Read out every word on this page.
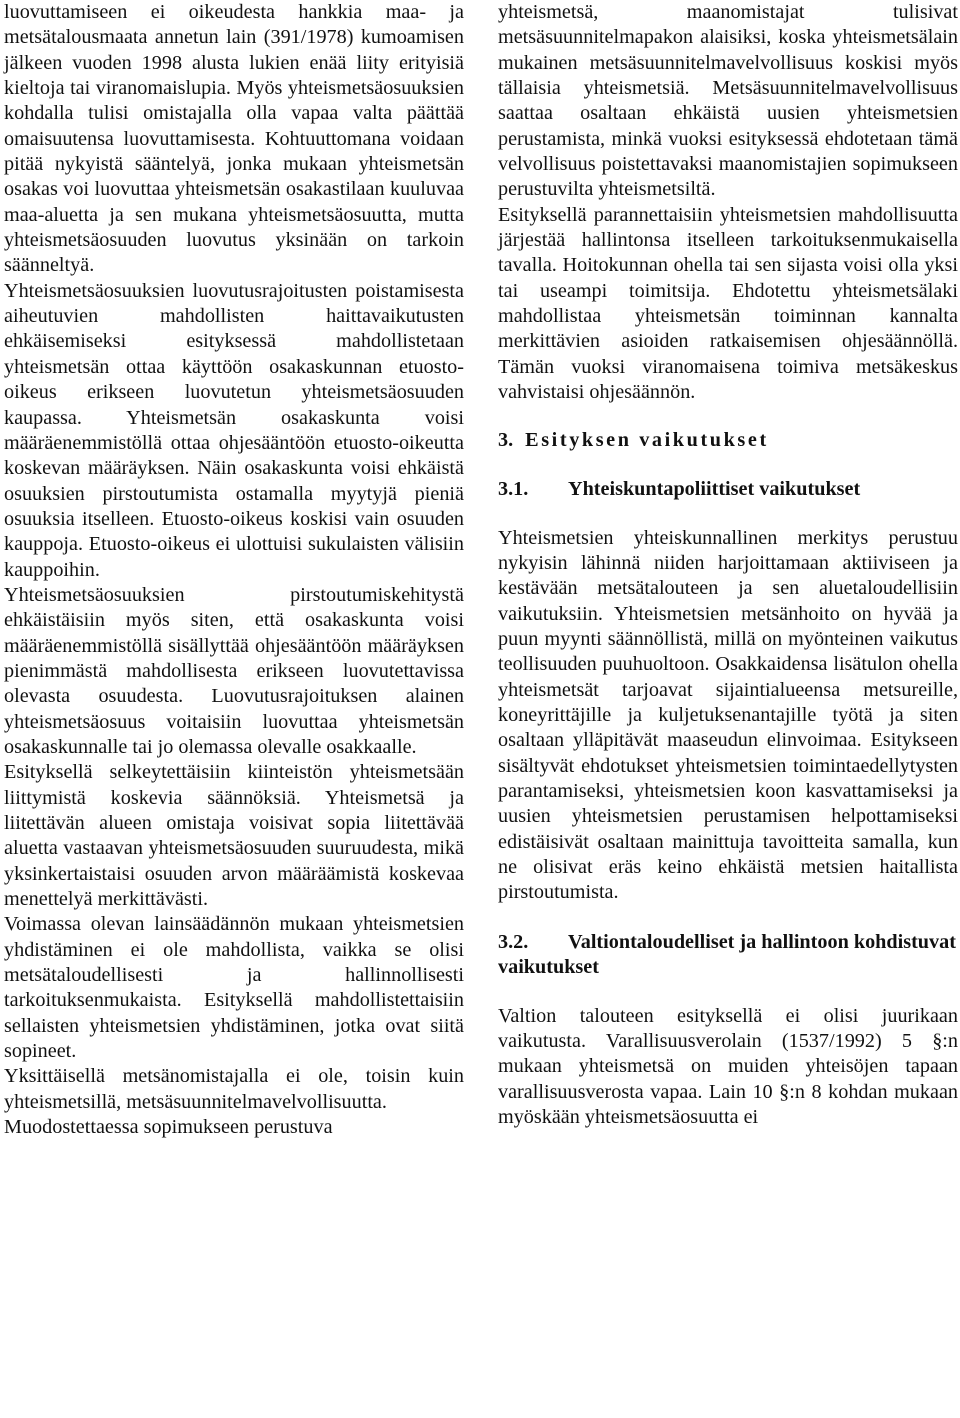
luovuttamiseen ei oikeudesta hankkia maa- ja metsätalousmaata annetun lain (391/1978) kumoamisen jälkeen vuoden 1998 alusta lukien enää liity erityisiä kieltoja tai viranomaislupia. Myös yhteismetsäosuuksien kohdalla tulisi omistajalla olla vapaa valta päättää omaisuutensa luovuttamisesta. Kohtuuttomana voidaan pitää nykyistä sääntelyä, jonka mukaan yhteismetsän osakas voi luovuttaa yhteismetsän osakastilaan kuuluvaa maa-aluetta ja sen mukana yhteismetsäosuutta, mutta yhteismetsäosuuden luovutus yksinään on tarkoin säänneltyä.

Yhteismetsäosuuksien luovutusrajoitusten poistamisesta aiheutuvien mahdollisten haittavaikutusten ehkäisemiseksi esityksessä mahdollistetaan yhteismetsän ottaa käyttöön osakaskunnan etuosto-oikeus erikseen luovutetun yhteismetsäosuuden kaupassa. Yhteismetsän osakaskunta voisi määräenemmistöllä ottaa ohjesääntöön etuosto-oikeutta koskevan määräyksen. Näin osakaskunta voisi ehkäistä osuuksien pirstoutumista ostamalla myytyjä pieniä osuuksia itselleen. Etuosto-oikeus koskisi vain osuuden kauppoja. Etuosto-oikeus ei ulottuisi sukulaisten välisiin kauppoihin.

Yhteismetsäosuuksien pirstoutumiskehitystä ehkäistäisiin myös siten, että osakaskunta voisi määräenemmistöllä sisällyttää ohjesääntöön määräyksen pienimmästä mahdollisesta erikseen luovutettavissa olevasta osuudesta. Luovutusrajoituksen alainen yhteismetsäosuus voitaisiin luovuttaa yhteismetsän osakaskunnalle tai jo olemassa olevalle osakkaalle.

Esityksellä selkeytettäisiin kiinteistön yhteismetsään liittymistä koskevia säännöksiä. Yhteismetsä ja liitettävän alueen omistaja voisivat sopia liitettävää aluetta vastaavan yhteismetsäosuuden suuruudesta, mikä yksinkertaistaisi osuuden arvon määräämistä koskevaa menettelyä merkittävästi.

Voimassa olevan lainsäädännön mukaan yhteismetsien yhdistäminen ei ole mahdollista, vaikka se olisi metsätaloudellisesti ja hallinnollisesti tarkoituksenmukaista. Esityksellä mahdollistettaisiin sellaisten yhteismetsien yhdistäminen, jotka ovat siitä sopineet.

Yksittäisellä metsänomistajalla ei ole, toisin kuin yhteismetsillä, metsäsuunnitelmavelvollisuutta.

Muodostettaessa sopimukseen perustuva

yhteismetsä, maanomistajat tulisivat metsäsuunnitelmapakon alaisiksi, koska yhteismetsälain mukainen metsäsuunnitelmavelvollisuus koskisi myös tällaisia yhteismetsiä. Metsäsuunnitelmavelvollisuus saattaa osaltaan ehkäistä uusien yhteismetsien perustamista, minkä vuoksi esityksessä ehdotetaan tämä velvollisuus poistettavaksi maanomistajien sopimukseen perustuvilta yhteismetsiltä.

Esityksellä parannettaisiin yhteismetsien mahdollisuutta järjestää hallintonsa itselleen tarkoituksenmukaisella tavalla. Hoitokunnan ohella tai sen sijasta voisi olla yksi tai useampi toimitsija. Ehdotettu yhteismetsälaki mahdollistaa yhteismetsän toiminnan kannalta merkittävien asioiden ratkaisemisen ohjesäännöllä. Tämän vuoksi viranomaisena toimiva metsäkeskus vahvistaisi ohjesäännön.

3. Esityksen vaikutukset
3.1.	Yhteiskuntapoliittiset vaikutukset

Yhteismetsien yhteiskunnallinen merkitys perustuu nykyisin lähinnä niiden harjoittamaan aktiiviseen ja kestävään metsätalouteen ja sen aluetaloudellisiin vaikutuksiin. Yhteismetsien metsänhoito on hyvää ja puun myynti säännöllistä, millä on myönteinen vaikutus teollisuuden puuhuoltoon. Osakkaidensa lisätulon ohella yhteismetsät tarjoavat sijaintialueensa metsureille, koneyrittäjille ja kuljetuksenantajille työtä ja siten osaltaan ylläpitävät maaseudun elinvoimaa. Esitykseen sisältyvät ehdotukset yhteismetsien toimintaedellytysten parantamiseksi, yhteismetsien koon kasvattamiseksi ja uusien yhteismetsien perustamisen helpottamiseksi edistäisivät osaltaan mainittuja tavoitteita samalla, kun ne olisivat eräs keino ehkäistä metsien haitallista pirstoutumista.

3.2. Valtiontaloudelliset ja hallintoon kohdistuvat vaikutukset

Valtion talouteen esityksellä ei olisi juurikaan vaikutusta. Varallisuusverolain (1537/1992) 5 §:n mukaan yhteismetsä on muiden yhteisöjen tapaan varallisuusverosta vapaa. Lain 10 §:n 8 kohdan mukaan myöskään yhteismetsäosuutta ei
